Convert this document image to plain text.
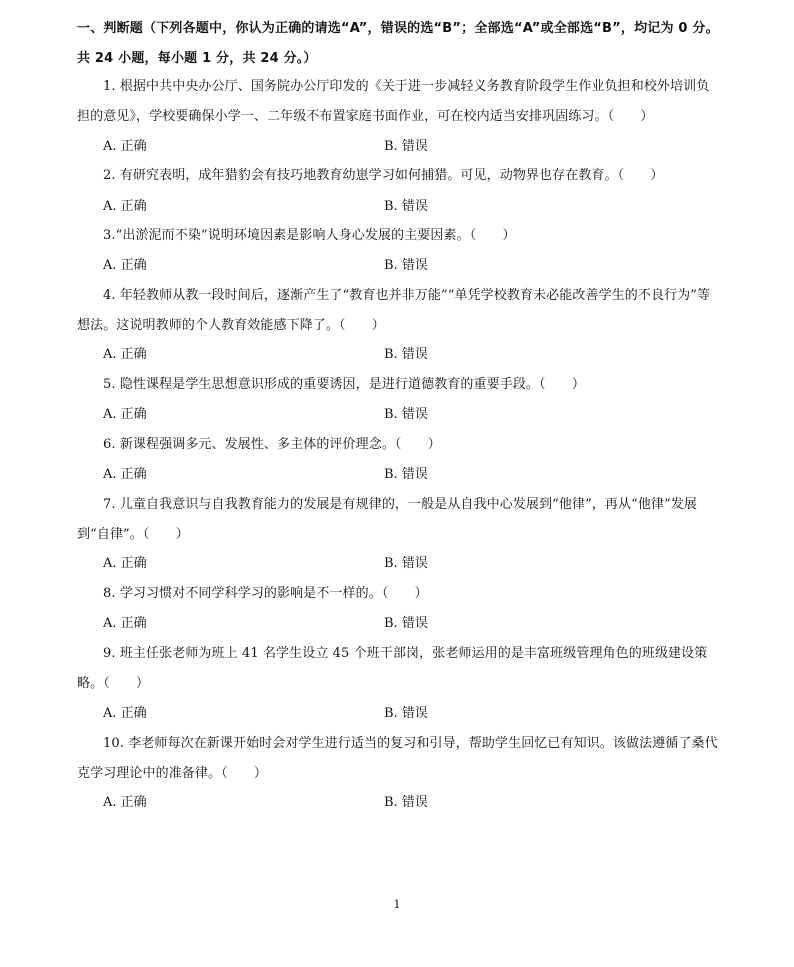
一、判断题（下列各题中，你认为正确的请选“A”，错误的选“B”；全部选“A”或全部选“B”，均记为 0 分。共 24 小题，每小题 1 分，共 24 分。）
1. 根据中共中央办公厅、国务院办公厅印发的《关于进一步减轻义务教育阶段学生作业负担和校外培训负担的意见》，学校要确保小学一、二年级不布置家庭书面作业，可在校内适当安排巩固练习。（　　）
A. 正确	B. 错误
2. 有研究表明，成年猎豹会有技巧地教育幼崽学习如何捕猎。可见，动物界也存在教育。（　　）
A. 正确	B. 错误
3.“出淤泥而不染”说明环境因素是影响人身心发展的主要因素。（　　）
A. 正确	B. 错误
4. 年轻教师从教一段时间后，逐渐产生了“教育也并非万能”“单凭学校教育未必能改善学生的不良行为”等想法。这说明教师的个人教育效能感下降了。（　　）
A. 正确	B. 错误
5. 隐性课程是学生思想意识形成的重要诱因，是进行道德教育的重要手段。（　　）
A. 正确	B. 错误
6. 新课程强调多元、发展性、多主体的评价理念。（　　）
A. 正确	B. 错误
7. 儿童自我意识与自我教育能力的发展是有规律的，一般是从自我中心发展到“他律”，再从“他律”发展到“自律”。（　　）
A. 正确	B. 错误
8. 学习习惯对不同学科学习的影响是不一样的。（　　）
A. 正确	B. 错误
9. 班主任张老师为班上 41 名学生设立 45 个班干部岗，张老师运用的是丰富班级管理角色的班级建设策略。（　　）
A. 正确	B. 错误
10. 李老师每次在新课开始时会对学生进行适当的复习和引导，帮助学生回忆已有知识。该做法遵循了桑代克学习理论中的准备律。（　　）
A. 正确	B. 错误
1
